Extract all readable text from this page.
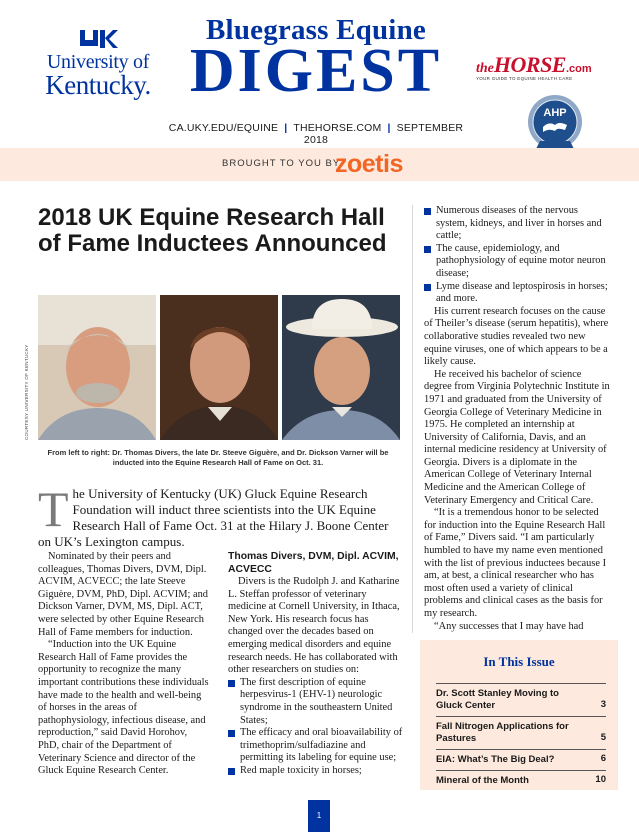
University of
Kentucky.
Bluegrass Equine
DIGEST	theHORSE.com
YOUR GUIDE TO EQUINE HEALTH CARE
AHP
CA.UKY.EDU/EQUINE | THEHORSE.COM | SEPTEMBER 2018
BROUGHT TO YOU BY
zoetis
2018 UK Equine Research Hall of Fame Inductees Announced
COURTESY UNIVERSITY OF KENTUCKY
From left to right: Dr. Thomas Divers, the late Dr. Steeve Giguère, and Dr. Dickson Varner will be inducted into the Equine Research Hall of Fame on Oct. 31.
The University of Kentucky (UK) Gluck Equine Research Foundation will induct three scientists into the UK Equine Research Hall of Fame Oct. 31 at the Hilary J. Boone Center on UK’s Lexington campus.

Nominated by their peers and colleagues, Thomas Divers, DVM, Dipl. ACVIM, ACVECC; the late Steeve Giguère, DVM, PhD, Dipl. ACVIM; and Dickson Varner, DVM, MS, Dipl. ACT, were selected by other Equine Research Hall of Fame members for induction.

“Induction into the UK Equine Research Hall of Fame provides the opportunity to recognize the many important contributions these individuals have made to the health and well-being of horses in the areas of pathophysiology, infectious disease, and reproduction,” said David Horohov, PhD, chair of the Department of Veterinary Science and director of the Gluck Equine Research Center.

Thomas Divers, DVM, Dipl. ACVIM, ACVECC

Divers is the Rudolph J. and Katharine L. Steffan professor of veterinary medicine at Cornell University, in Ithaca, New York. His research focus has changed over the decades based on emerging medical disorders and equine research needs. He has collaborated with other researchers on studies on:

The first description of equine herpesvirus-1 (EHV-1) neurologic syndrome in the southeastern United States;
The efficacy and oral bioavailability of trimethoprim/sulfadiazine and permitting its labeling for equine use;
Red maple toxicity in horses;
Numerous diseases of the nervous system, kidneys, and liver in horses and cattle;
The cause, epidemiology, and pathophysiology of equine motor neuron disease;
Lyme disease and leptospirosis in horses; and more.

His current research focuses on the cause of Theiler’s disease (serum hepatitis), where collaborative studies revealed two new equine viruses, one of which appears to be a likely cause.

He received his bachelor of science degree from Virginia Polytechnic Institute in 1971 and graduated from the University of Georgia College of Veterinary Medicine in 1975. He completed an internship at University of California, Davis, and an internal medicine residency at University of Georgia. Divers is a diplomate in the American College of Veterinary Internal Medicine and the American College of Veterinary Emergency and Critical Care.

“It is a tremendous honor to be selected for induction into the Equine Research Hall of Fame,” Divers said. “I am particularly humbled to have my name even mentioned with the list of previous inductees because I am, at best, a clinical researcher who has most often used a variety of clinical problems and clinical cases as the basis for my research.

“Any successes that I may have had

In This Issue
Dr. Scott Stanley Moving to Gluck Center	3
Fall Nitrogen Applications for Pastures	5
EIA: What’s The Big Deal?	6
Mineral of the Month	10
1
